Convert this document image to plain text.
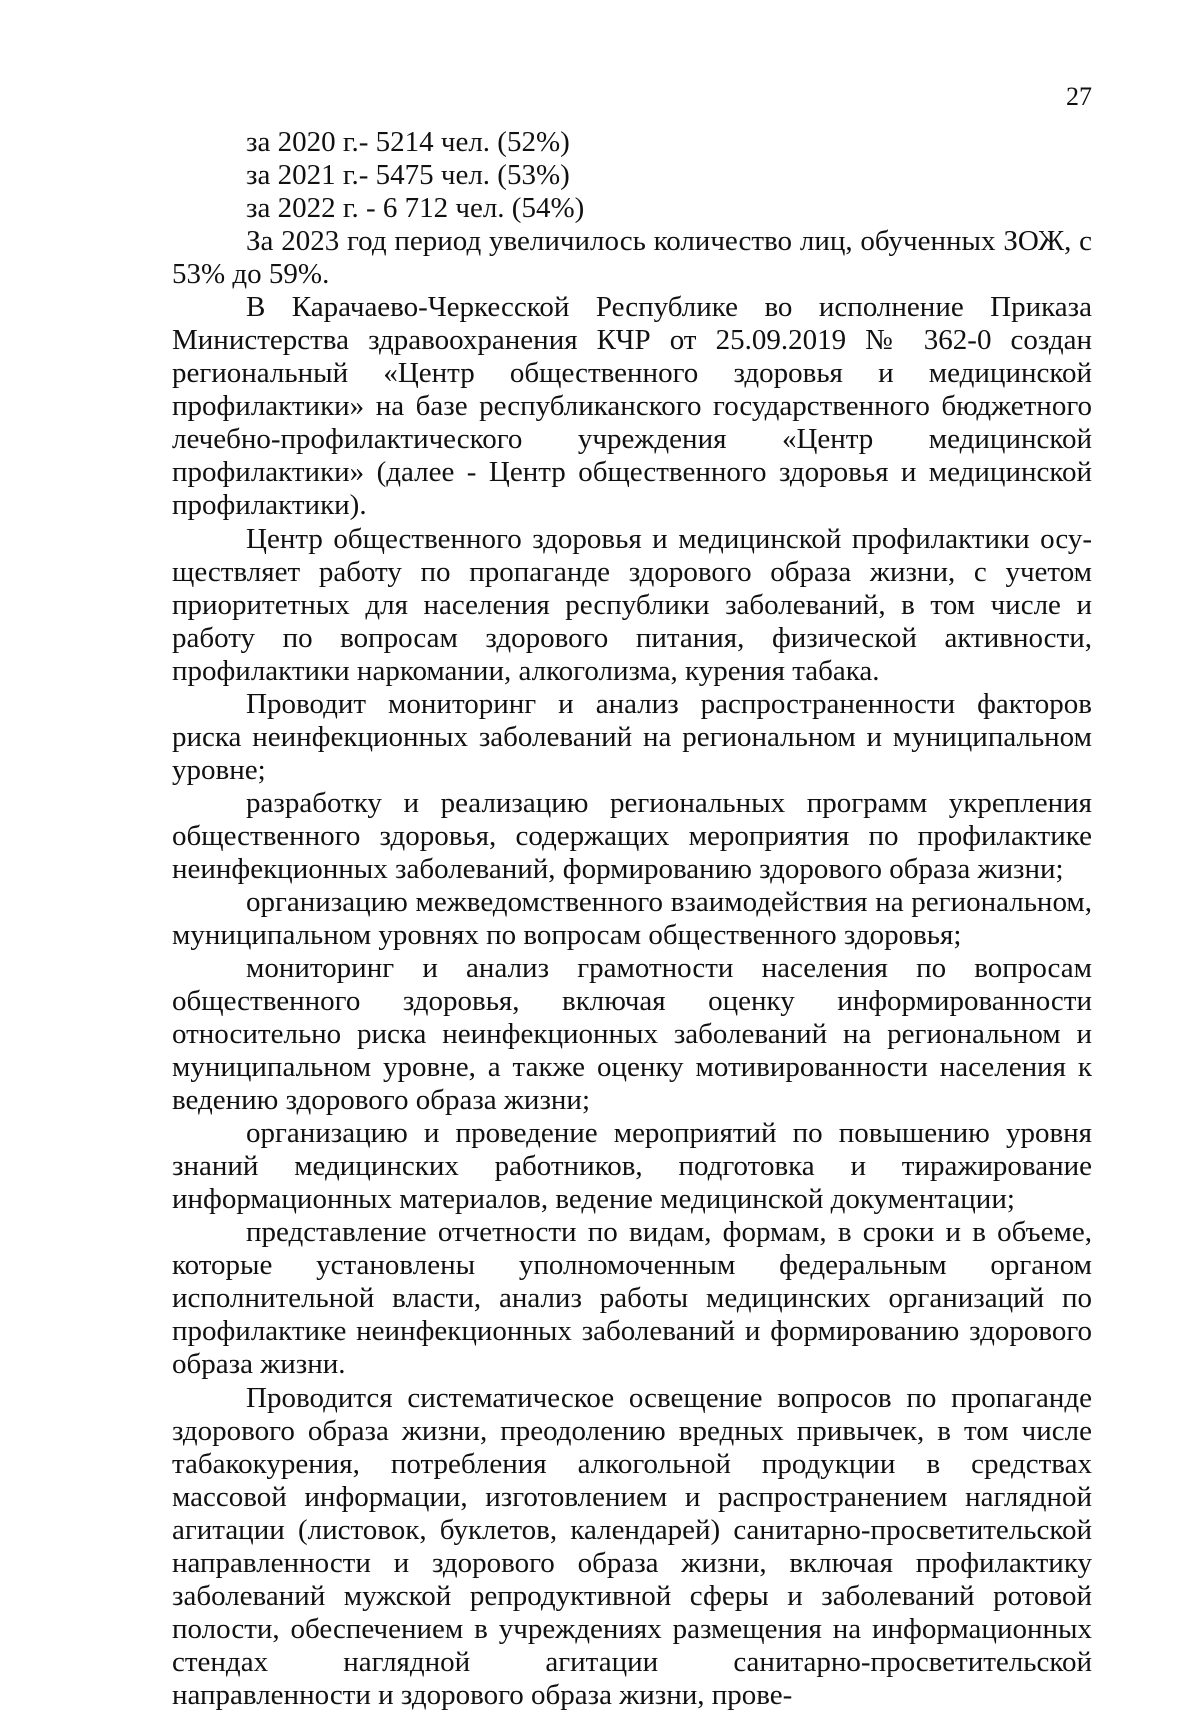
27

за 2020 г.- 5214 чел. (52%)

за 2021 г.- 5475 чел. (53%)

за 2022 г. - 6 712 чел. (54%)

За 2023 год период увеличилось количество лиц, обученных ЗОЖ, с 53% до 59%.

В Карачаево-Черкесской Республике во исполнение Приказа Министерства здравоохранения КЧР от 25.09.2019 № 362-0 создан региональный «Центр общественного здоровья и медицинской профилактики» на базе республиканского государственного бюджетного лечебно-профилактического учреждения «Центр медицинской профилактики» (далее - Центр общественного здоровья и медицинской профилактики).

Центр общественного здоровья и медицинской профилактики осуществляет работу по пропаганде здорового образа жизни, с учетом приоритетных для населения республики заболеваний, в том числе и работу по вопросам здорового питания, физической активности, профилактики наркомании, алкоголизма, курения табака.

Проводит мониторинг и анализ распространенности факторов риска неинфекционных заболеваний на региональном и муниципальном уровне;

разработку и реализацию региональных программ укрепления общественного здоровья, содержащих мероприятия по профилактике неинфекционных заболеваний, формированию здорового образа жизни;

организацию межведомственного взаимодействия на региональном, муниципальном уровнях по вопросам общественного здоровья;

мониторинг и анализ грамотности населения по вопросам общественного здоровья, включая оценку информированности относительно риска неинфекционных заболеваний на региональном и муниципальном уровне, а также оценку мотивированности населения к ведению здорового образа жизни;

организацию и проведение мероприятий по повышению уровня знаний медицинских работников, подготовка и тиражирование информационных материалов, ведение медицинской документации;

представление отчетности по видам, формам, в сроки и в объеме, которые установлены уполномоченным федеральным органом исполнительной власти, анализ работы медицинских организаций по профилактике неинфекционных заболеваний и формированию здорового образа жизни.

Проводится систематическое освещение вопросов по пропаганде здорового образа жизни, преодолению вредных привычек, в том числе табакокурения, потребления алкогольной продукции в средствах массовой информации, изготовлением и распространением наглядной агитации (листовок, буклетов, календарей) санитарно-просветительской направленности и здорового образа жизни, включая профилактику заболеваний мужской репродуктивной сферы и заболеваний ротовой полости, обеспечением в учреждениях размещения на информационных стендах наглядной агитации санитарно-просветительской направленности и здорового образа жизни, прове-
